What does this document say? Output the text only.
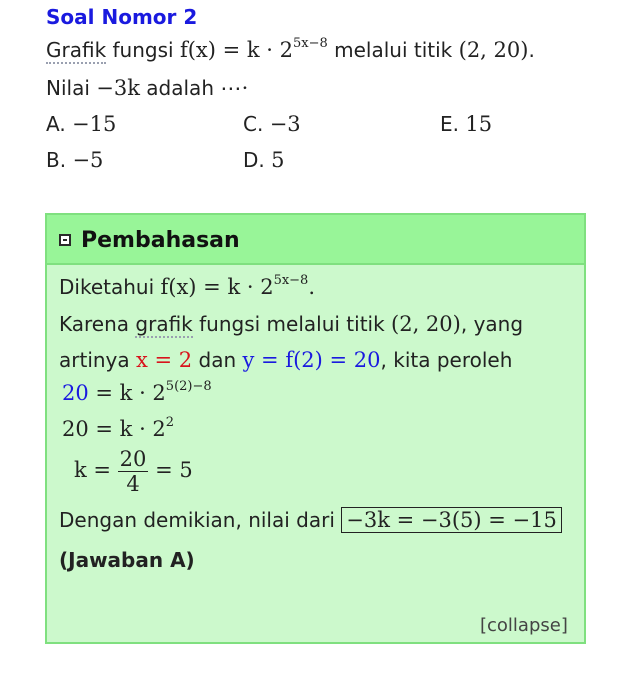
Soal Nomor 2
Grafik fungsi $f(x) = k \cdot 2^{5x-8}$ melalui titik (2, 20).
Nilai −3k adalah ⋯⋅
A. −15	C. −3	E. 15
B. −5	D. 5
Pembahasan
Diketahui $f(x) = k \cdot 2^{5x-8}$.
Karena grafik fungsi melalui titik (2, 20), yang
artinya x = 2 dan y = f(2) = 20, kita peroleh
$20 = k \cdot 2^{5(2)-8}$
$20 = k \cdot 2^2$
$k = \frac{20}{4} = 5$
Dengan demikian, nilai dari −3k = −3(5) = −15
(Jawaban A)
[collapse]
